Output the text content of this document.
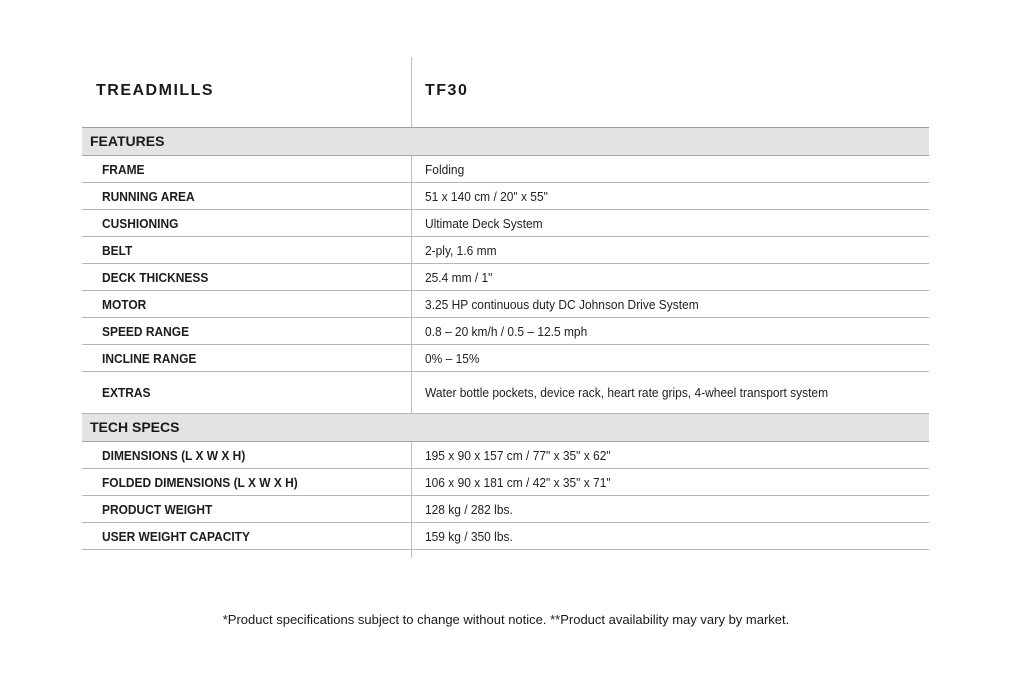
TREADMILLS	TF30
FEATURES
FRAME	Folding
RUNNING AREA	51 x 140 cm / 20" x 55"
CUSHIONING	Ultimate Deck System
BELT	2-ply, 1.6 mm
DECK THICKNESS	25.4 mm / 1"
MOTOR	3.25 HP continuous duty DC Johnson Drive System
SPEED RANGE	0.8 – 20 km/h / 0.5 – 12.5 mph
INCLINE RANGE	0% – 15%
EXTRAS	Water bottle pockets, device rack, heart rate grips, 4-wheel transport system
TECH SPECS
DIMENSIONS (L X W X H)	195 x 90 x 157 cm / 77" x 35" x 62"
FOLDED DIMENSIONS (L X W X H)	106 x 90 x 181 cm / 42" x 35" x 71"
PRODUCT WEIGHT	128 kg / 282 lbs.
USER WEIGHT CAPACITY	159 kg / 350 lbs.
*Product specifications subject to change without notice. **Product availability may vary by market.
